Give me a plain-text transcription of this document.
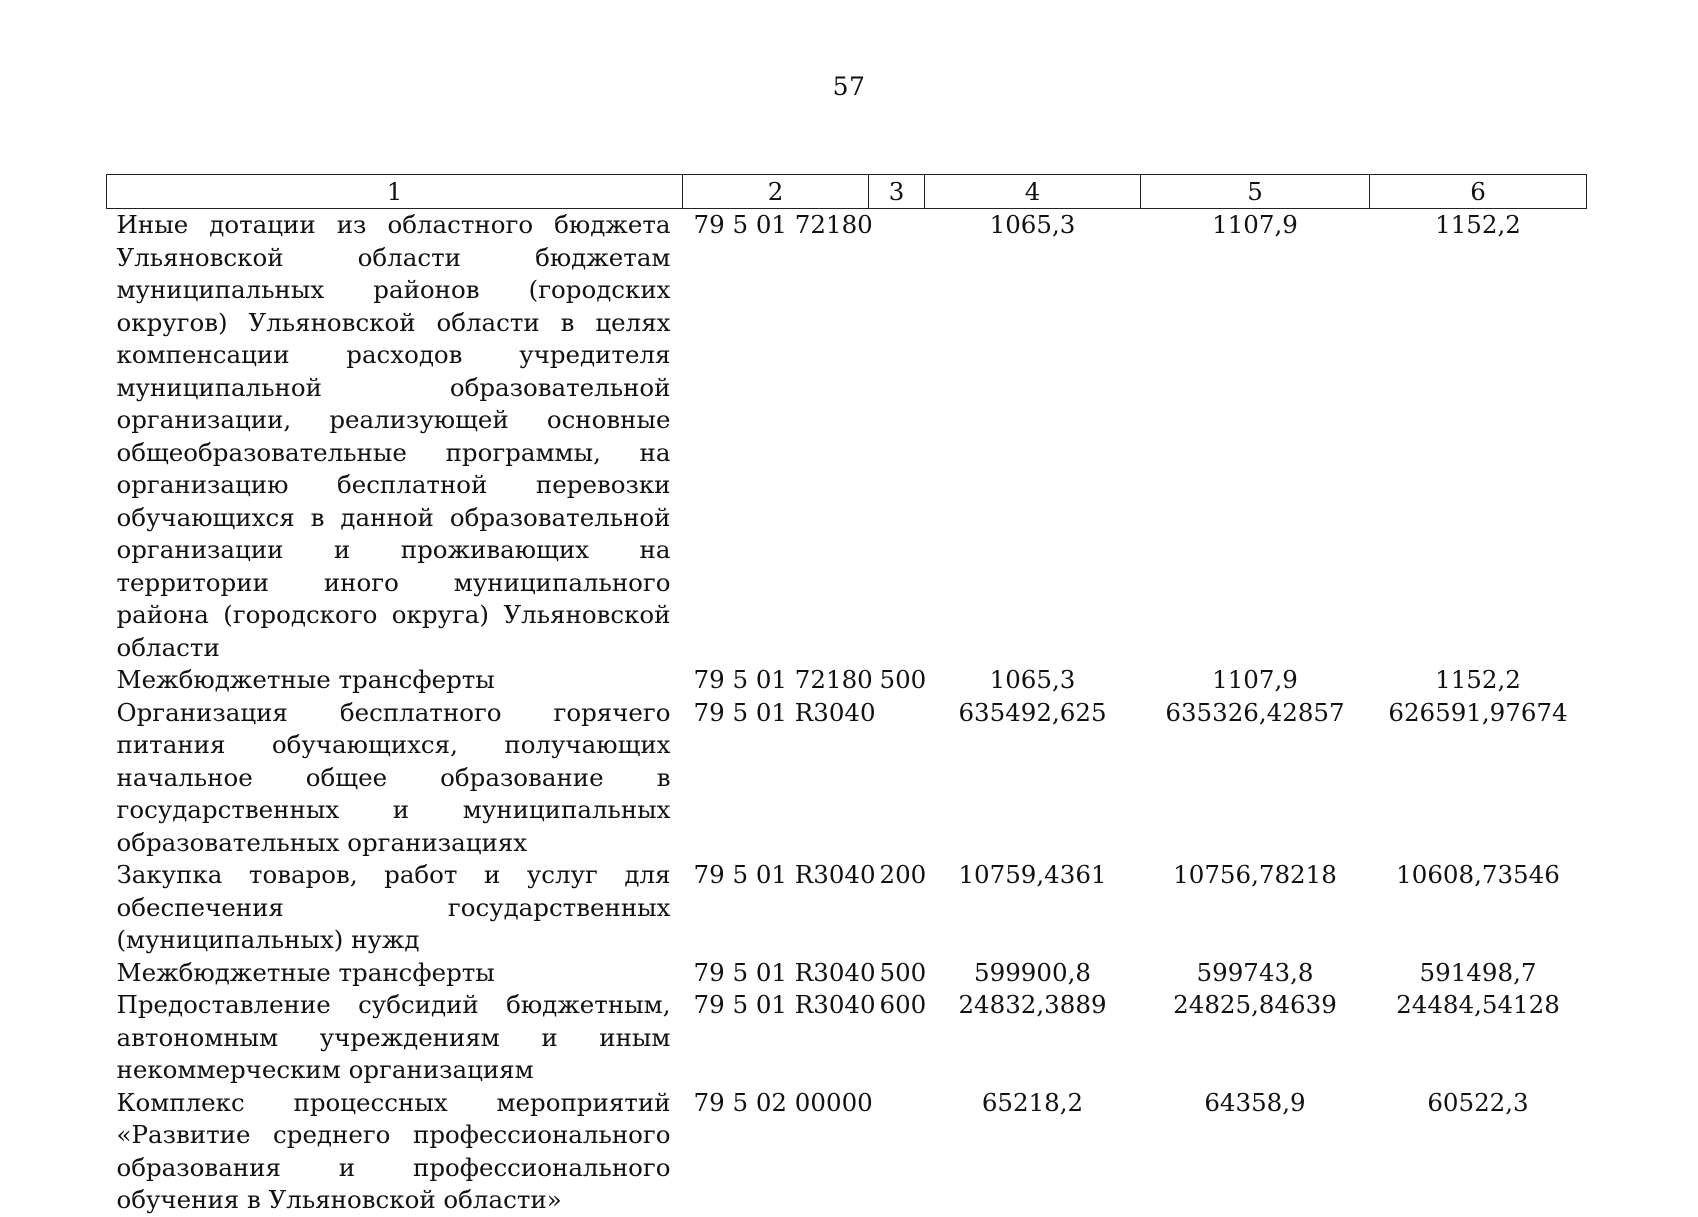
57
1	2	3	4	5	6
Иные дотации из областного бюджета Ульяновской области бюджетам муниципальных районов (городских округов) Ульяновской области в целях компенсации расходов учредителя муниципальной образовательной организации, реализующей основные общеобразовательные программы, на организацию бесплатной перевозки обучающихся в данной образовательной организации и проживающих на территории иного муниципального района (городского округа) Ульяновской области	79 5 01 72180		1065,3	1107,9	1152,2
Межбюджетные трансферты	79 5 01 72180	500	1065,3	1107,9	1152,2
Организация бесплатного горячего питания обучающихся, получающих начальное общее образование в государственных и муниципальных образовательных организациях	79 5 01 R3040		635492,625	635326,42857	626591,97674
Закупка товаров, работ и услуг для обеспечения государственных (муниципальных) нужд	79 5 01 R3040	200	10759,4361	10756,78218	10608,73546
Межбюджетные трансферты	79 5 01 R3040	500	599900,8	599743,8	591498,7
Предоставление субсидий бюджетным, автономным учреждениям и иным некоммерческим организациям	79 5 01 R3040	600	24832,3889	24825,84639	24484,54128
Комплекс процессных мероприятий «Развитие среднего профессионального образования и профессионального обучения в Ульяновской области»	79 5 02 00000		65218,2	64358,9	60522,3
